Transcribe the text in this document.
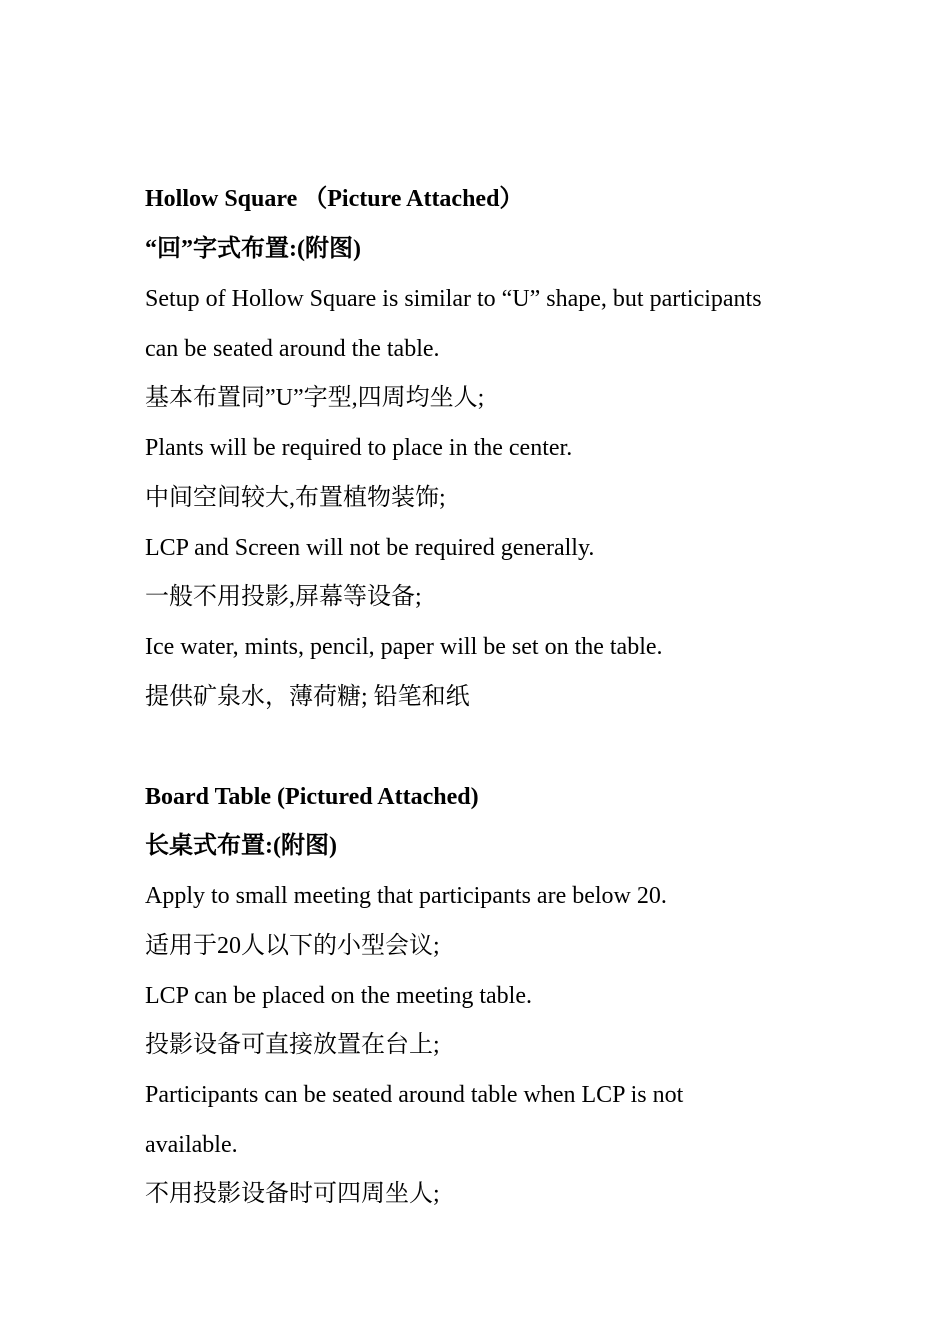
Hollow Square （Picture Attached）
“回”字式布置:(附图)
Setup of Hollow Square is similar to “U” shape, but participants
can be seated around the table.
基本布置同”U”字型,四周均坐人;
Plants will be required to place in the center.
中间空间较大,布置植物装饰;
LCP and Screen will not be required generally.
一般不用投影,屏幕等设备;
Ice water, mints, pencil, paper will be set on the table.
提供矿泉水，薄荷糖; 铅笔和纸
Board Table (Pictured Attached)
长桌式布置:(附图)
Apply to small meeting that participants are below 20.
适用于20人以下的小型会议;
LCP can be placed on the meeting table.
投影设备可直接放置在台上;
Participants can be seated around table when LCP is not
available.
不用投影设备时可四周坐人;
